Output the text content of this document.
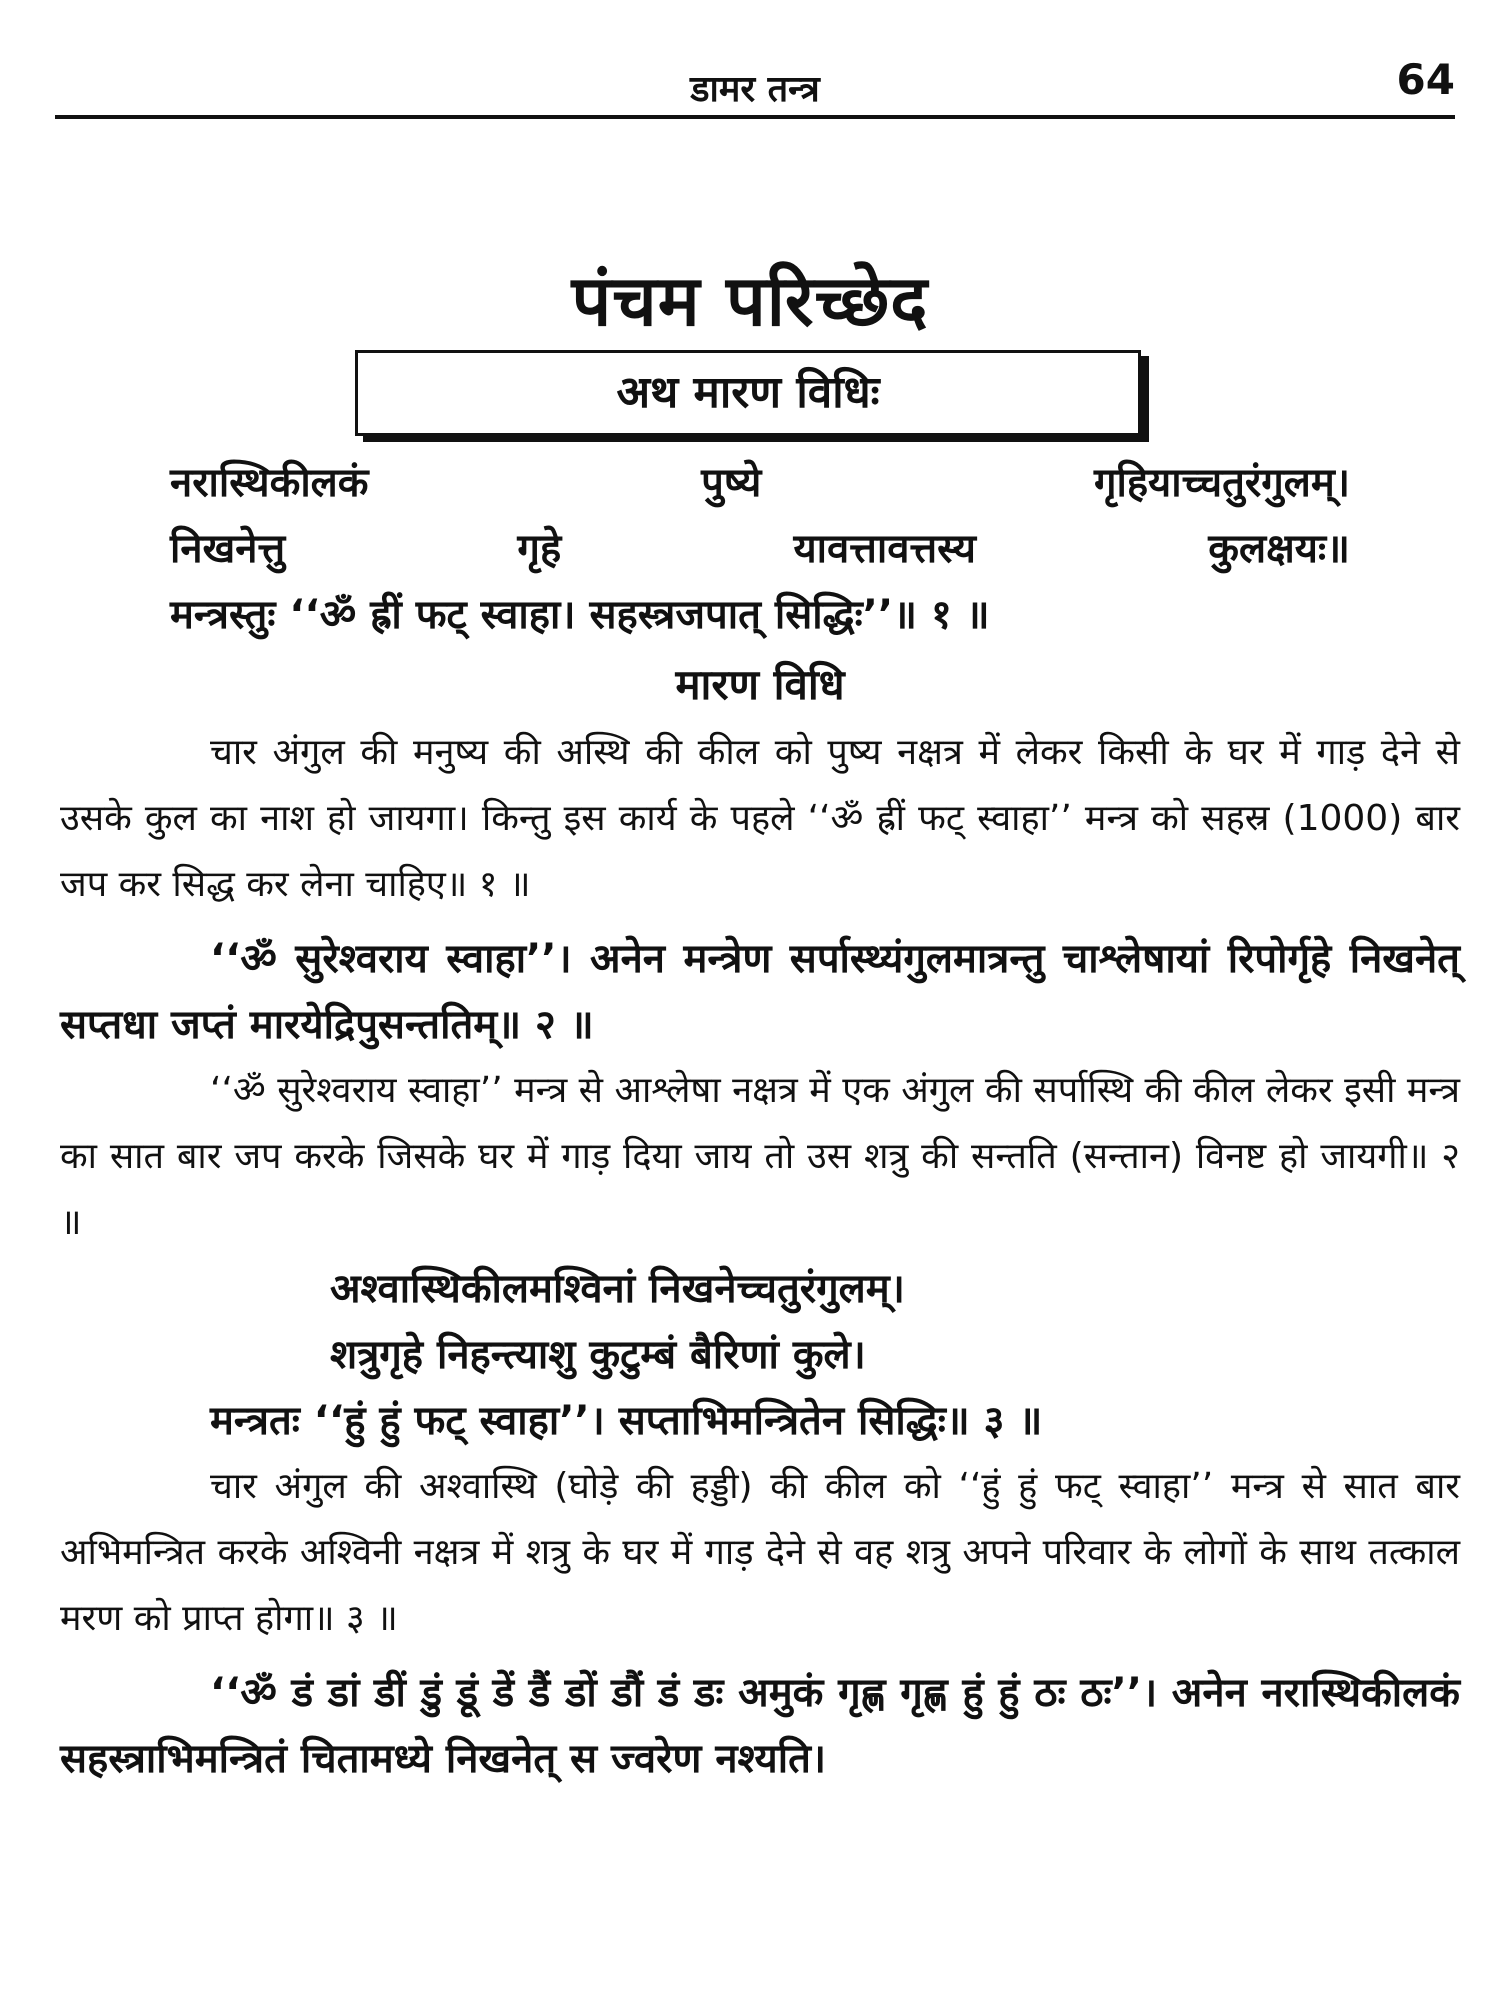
डामर तन्त्र	64
पंचम परिच्छेद
अथ मारण विधिः
नरास्थिकीलकं	पुष्ये	गृहियाच्चतुरंगुलम्।
निखनेत्तु	गृहे	यावत्तावत्तस्य	कुलक्षयः॥
मन्त्रस्तुः ‘‘ॐ ह्रीं फट् स्वाहा। सहस्त्रजपात् सिद्धिः’’॥ १ ॥
मारण विधि

चार अंगुल की मनुष्य की अस्थि की कील को पुष्य नक्षत्र में लेकर किसी के घर में गाड़ देने से उसके कुल का नाश हो जायगा। किन्तु इस कार्य के पहले ‘‘ॐ ह्रीं फट् स्वाहा’’ मन्त्र को सहस्र (1000) बार जप कर सिद्ध कर लेना चाहिए॥ १ ॥

‘‘ॐ सुरेश्वराय स्वाहा’’। अनेन मन्त्रेण सर्पास्थ्यंगुलमात्रन्तु चाश्लेषायां रिपोर्गृहे निखनेत् सप्तधा जप्तं मारयेद्रिपुसन्ततिम्॥ २ ॥

‘‘ॐ सुरेश्वराय स्वाहा’’ मन्त्र से आश्लेषा नक्षत्र में एक अंगुल की सर्पास्थि की कील लेकर इसी मन्त्र का सात बार जप करके जिसके घर में गाड़ दिया जाय तो उस शत्रु की सन्तति (सन्तान) विनष्ट हो जायगी॥ २ ॥

अश्वास्थिकीलमश्विनां निखनेच्चतुरंगुलम्।
शत्रुगृहे निहन्त्याशु कुटुम्बं बैरिणां कुले।
मन्त्रतः ‘‘हुं हुं फट् स्वाहा’’। सप्ताभिमन्त्रितेन सिद्धिः॥ ३ ॥

चार अंगुल की अश्वास्थि (घोड़े की हड्डी) की कील को ‘‘हुं हुं फट् स्वाहा’’ मन्त्र से सात बार अभिमन्त्रित करके अश्विनी नक्षत्र में शत्रु के घर में गाड़ देने से वह शत्रु अपने परिवार के लोगों के साथ तत्काल मरण को प्राप्त होगा॥ ३ ॥

‘‘ॐ डं डां डीं डुं डूं डें डैं डों डौं डं डः अमुकं गृह्ण गृह्ण हुं हुं ठः ठः’’। अनेन नरास्थिकीलकं सहस्त्राभिमन्त्रितं चितामध्ये निखनेत् स ज्वरेण नश्यति।
